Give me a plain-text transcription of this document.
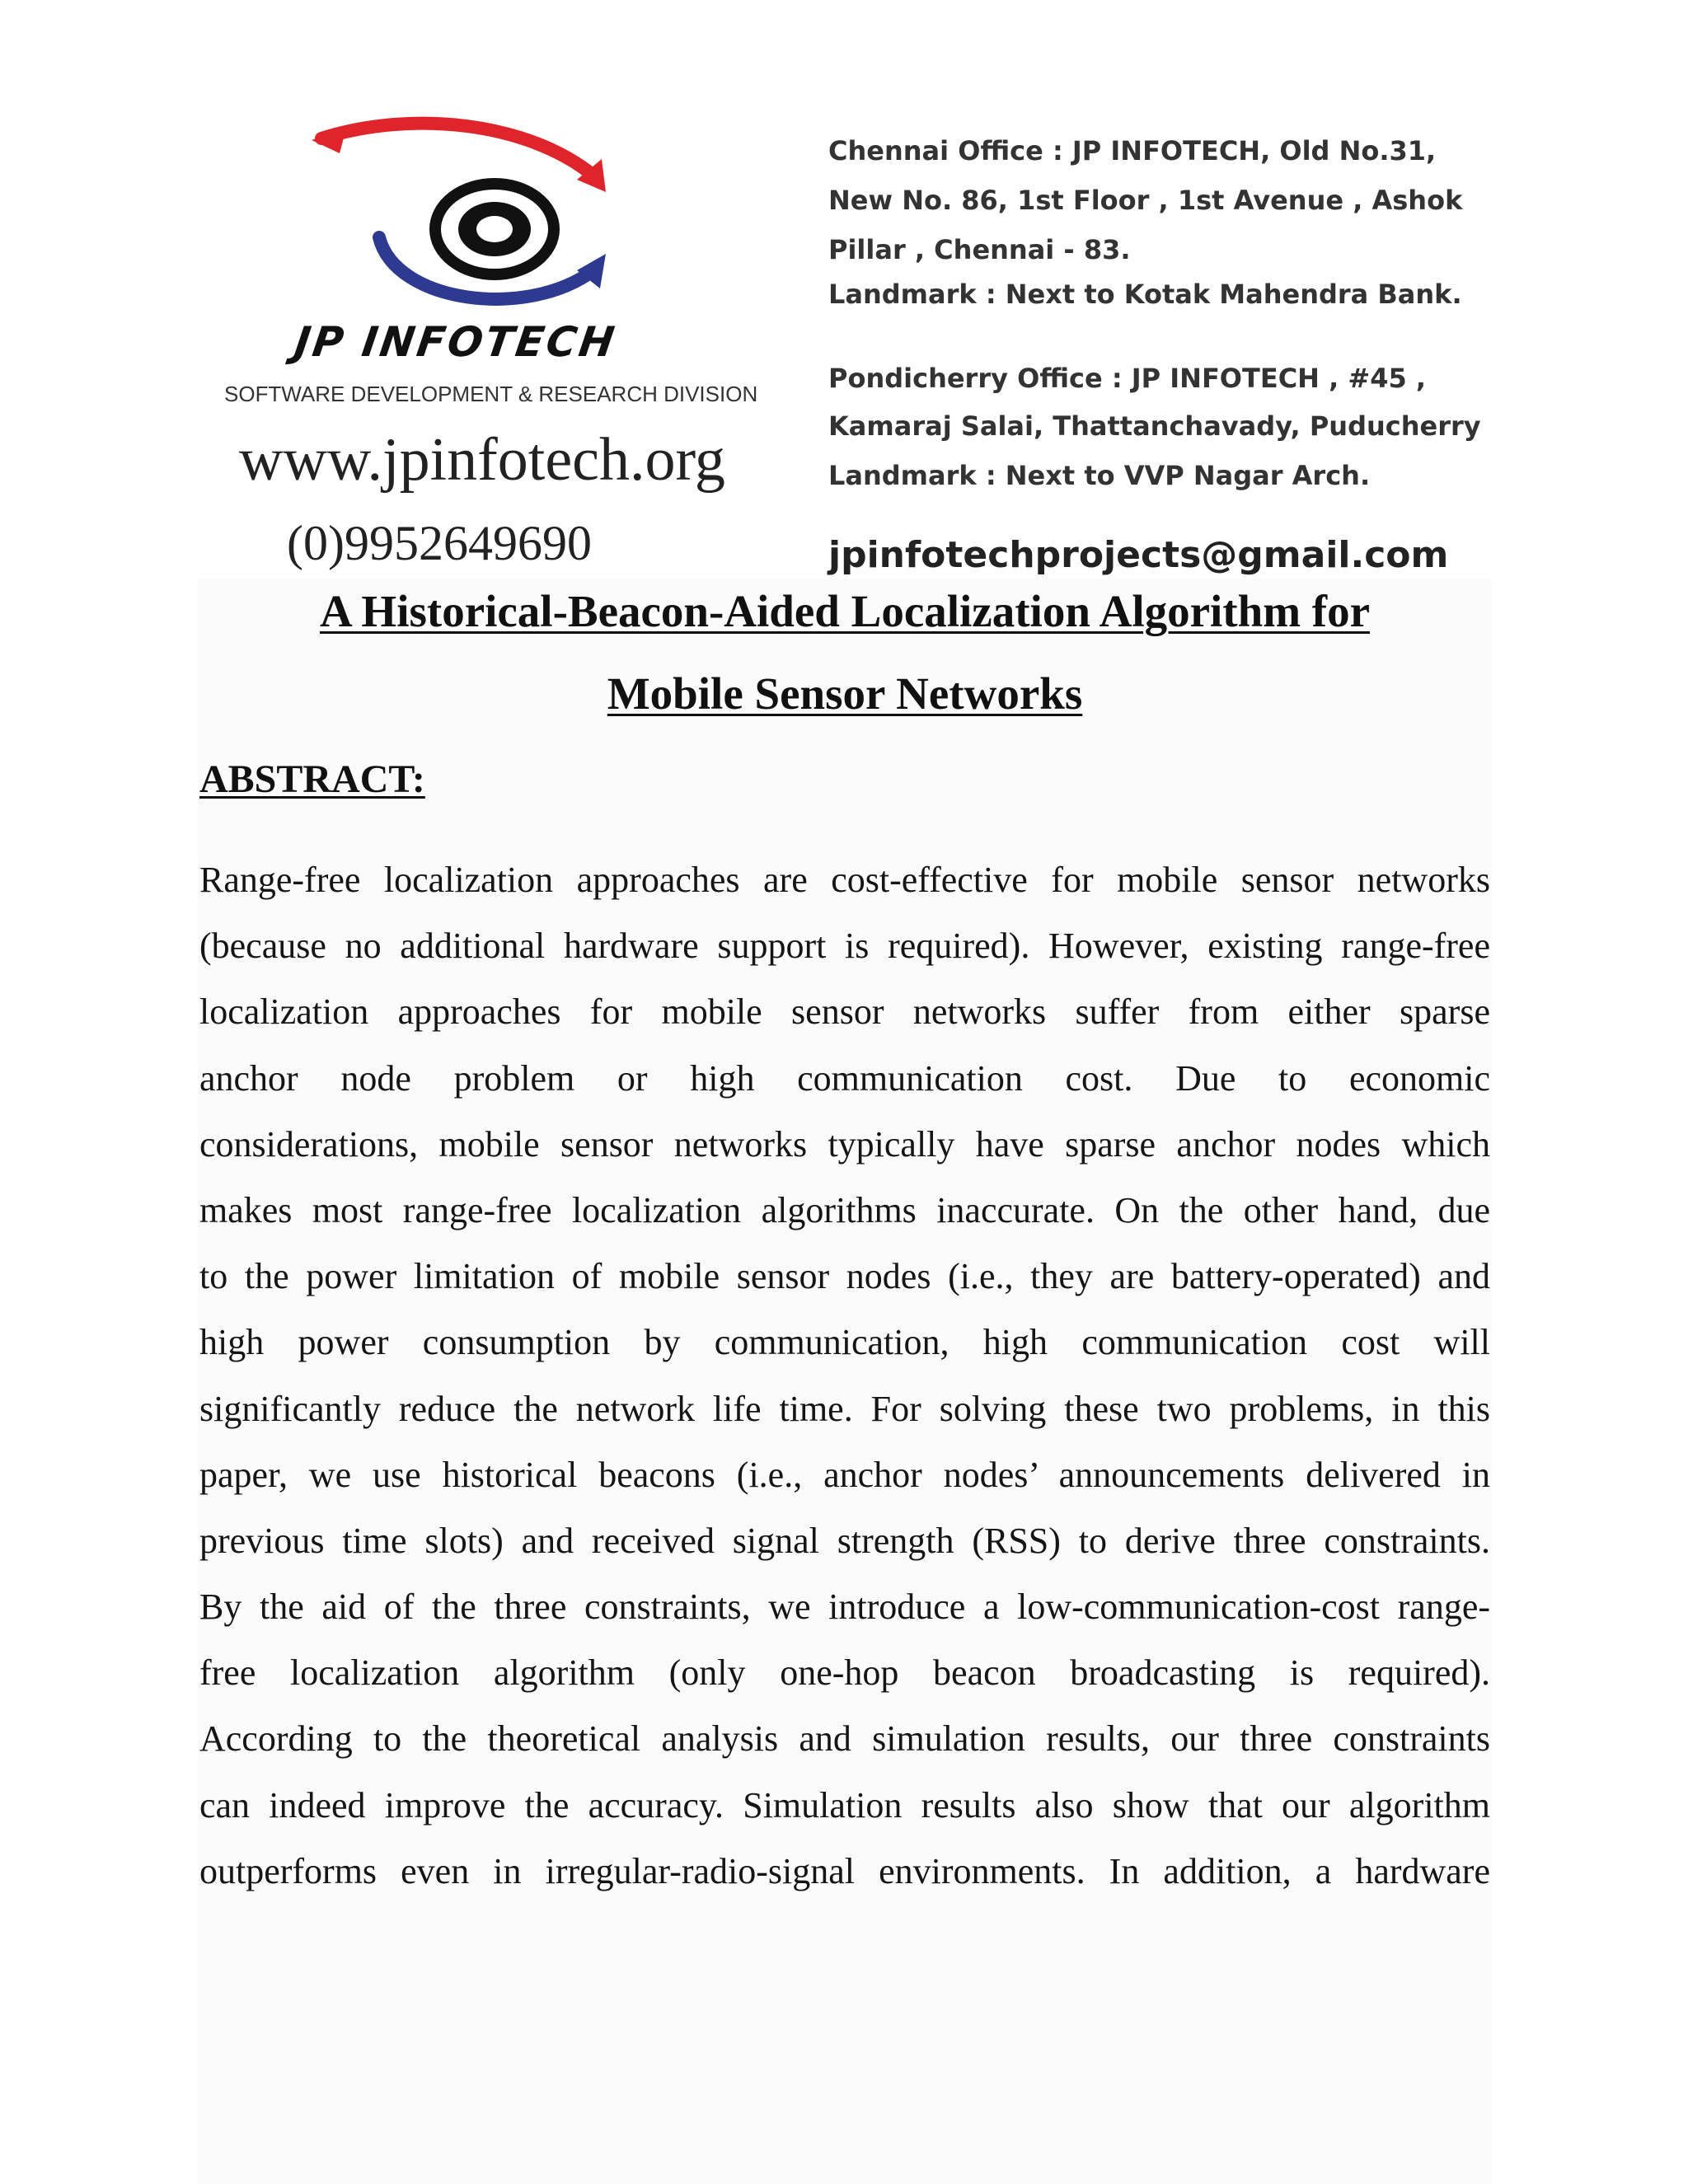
JP INFOTECH
SOFTWARE DEVELOPMENT & RESEARCH DIVISION
www.jpinfotech.org
(0)9952649690
Chennai Office : JP INFOTECH, Old No.31,
New No. 86, 1st Floor , 1st Avenue , Ashok
Pillar , Chennai - 83.
Landmark : Next to Kotak Mahendra Bank.
Pondicherry Office : JP INFOTECH , #45 ,
Kamaraj Salai, Thattanchavady, Puducherry
Landmark : Next to VVP Nagar Arch.
jpinfotechprojects@gmail.com
A Historical-Beacon-Aided Localization Algorithm for
Mobile Sensor Networks
ABSTRACT:
Range-free localization approaches are cost-effective for mobile sensor networks
(because no additional hardware support is required). However, existing range-free
localization approaches for mobile sensor networks suffer from either sparse
anchor node problem or high communication cost. Due to economic
considerations, mobile sensor networks typically have sparse anchor nodes which
makes most range-free localization algorithms inaccurate. On the other hand, due
to the power limitation of mobile sensor nodes (i.e., they are battery-operated) and
high power consumption by communication, high communication cost will
significantly reduce the network life time. For solving these two problems, in this
paper, we use historical beacons (i.e., anchor nodes’ announcements delivered in
previous time slots) and received signal strength (RSS) to derive three constraints.
By the aid of the three constraints, we introduce a low-communication-cost range-
free localization algorithm (only one-hop beacon broadcasting is required).
According to the theoretical analysis and simulation results, our three constraints
can indeed improve the accuracy. Simulation results also show that our algorithm
outperforms even in irregular-radio-signal environments. In addition, a hardware
